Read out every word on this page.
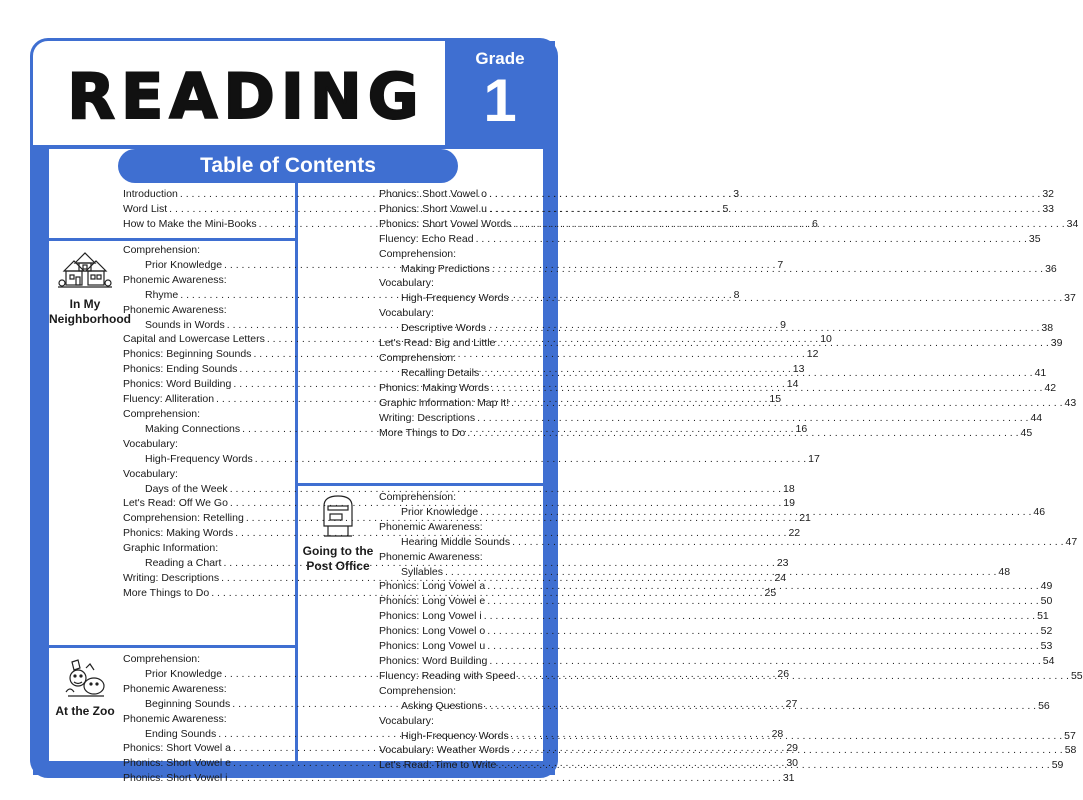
READING
Grade
1
Table of Contents
Introduction . . .	3
Word List . . .	5
How to Make the Mini-Books . . .	6
In My
Neighborhood
Comprehension:
Prior Knowledge . . .	7
Phonemic Awareness:
Rhyme . . .	8
Phonemic Awareness:
Sounds in Words . . .	9
Capital and Lowercase Letters . . .	10
Phonics: Beginning Sounds . . .	12
Phonics: Ending Sounds . . .	13
Phonics: Word Building . . .	14
Fluency: Alliteration . . .	15
Comprehension:
Making Connections . . .	16
Vocabulary:
High-Frequency Words . . .	17
Vocabulary:
Days of the Week . . .	18
Let's Read: Off We Go . . .	19
Comprehension: Retelling . . .	21
Phonics: Making Words . . .	22
Graphic Information:
Reading a Chart . . .	23
Writing: Descriptions . . .	24
More Things to Do . . .	25
At the Zoo
Comprehension:
Prior Knowledge . . .	26
Phonemic Awareness:
Beginning Sounds . . .	27
Phonemic Awareness:
Ending Sounds . . .	28
Phonics: Short Vowel a . . .	29
Phonics: Short Vowel e . . .	30
Phonics: Short Vowel i . . .	31
Phonics: Short Vowel o . . .	32
Phonics: Short Vowel u . . .	33
Phonics: Short Vowel Words . . .	34
Fluency: Echo Read . . .	35
Comprehension:
Making Predictions . . .	36
Vocabulary:
High-Frequency Words . . .	37
Vocabulary:
Descriptive Words . . .	38
Let's Read: Big and Little . . .	39
Comprehension:
Recalling Details . . .	41
Phonics: Making Words . . .	42
Graphic Information: Map It! . . .	43
Writing: Descriptions . . .	44
More Things to Do . . .	45
Going to the
Post Office
Comprehension:
Prior Knowledge . . .	46
Phonemic Awareness:
Hearing Middle Sounds . . .	47
Phonemic Awareness:
Syllables . . .	48
Phonics: Long Vowel a . . .	49
Phonics: Long Vowel e . . .	50
Phonics: Long Vowel i . . .	51
Phonics: Long Vowel o . . .	52
Phonics: Long Vowel u . . .	53
Phonics: Word Building . . .	54
Fluency: Reading with Speed . . .	55
Comprehension:
Asking Questions . . .	56
Vocabulary:
High-Frequency Words . . .	57
Vocabulary: Weather Words . . .	58
Let's Read: Time to Write . . .	59
